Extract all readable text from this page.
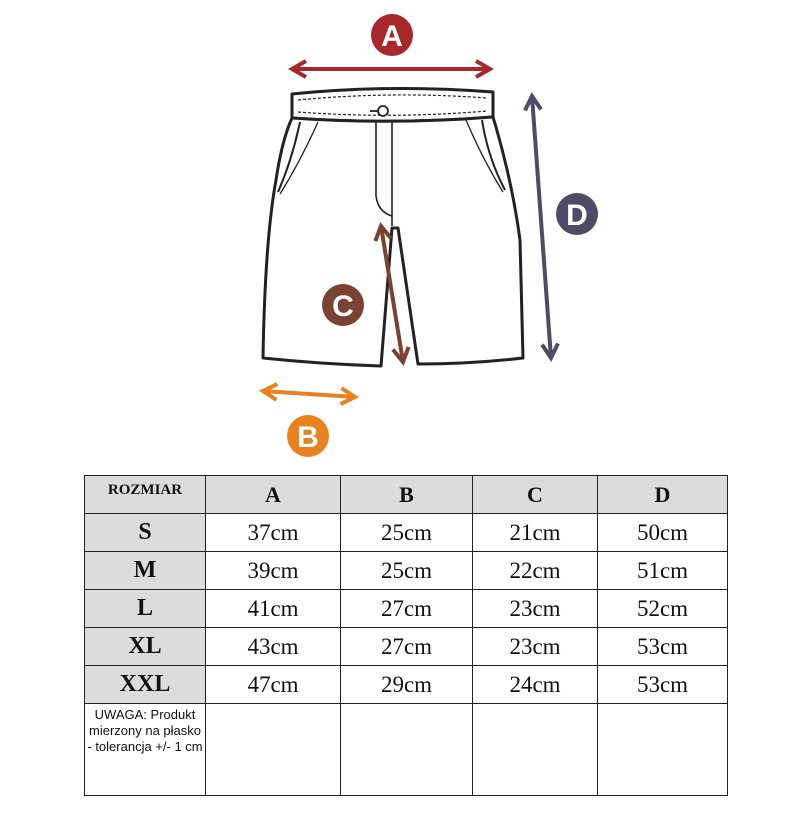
A
D
C
B
ROZMIAR	A	B	C	D
S	37cm	25cm	21cm	50cm
M	39cm	25cm	22cm	51cm
L	41cm	27cm	23cm	52cm
XL	43cm	27cm	23cm	53cm
XXL	47cm	29cm	24cm	53cm
UWAGA: Produkt mierzony na płasko - tolerancja +/- 1 cm				
